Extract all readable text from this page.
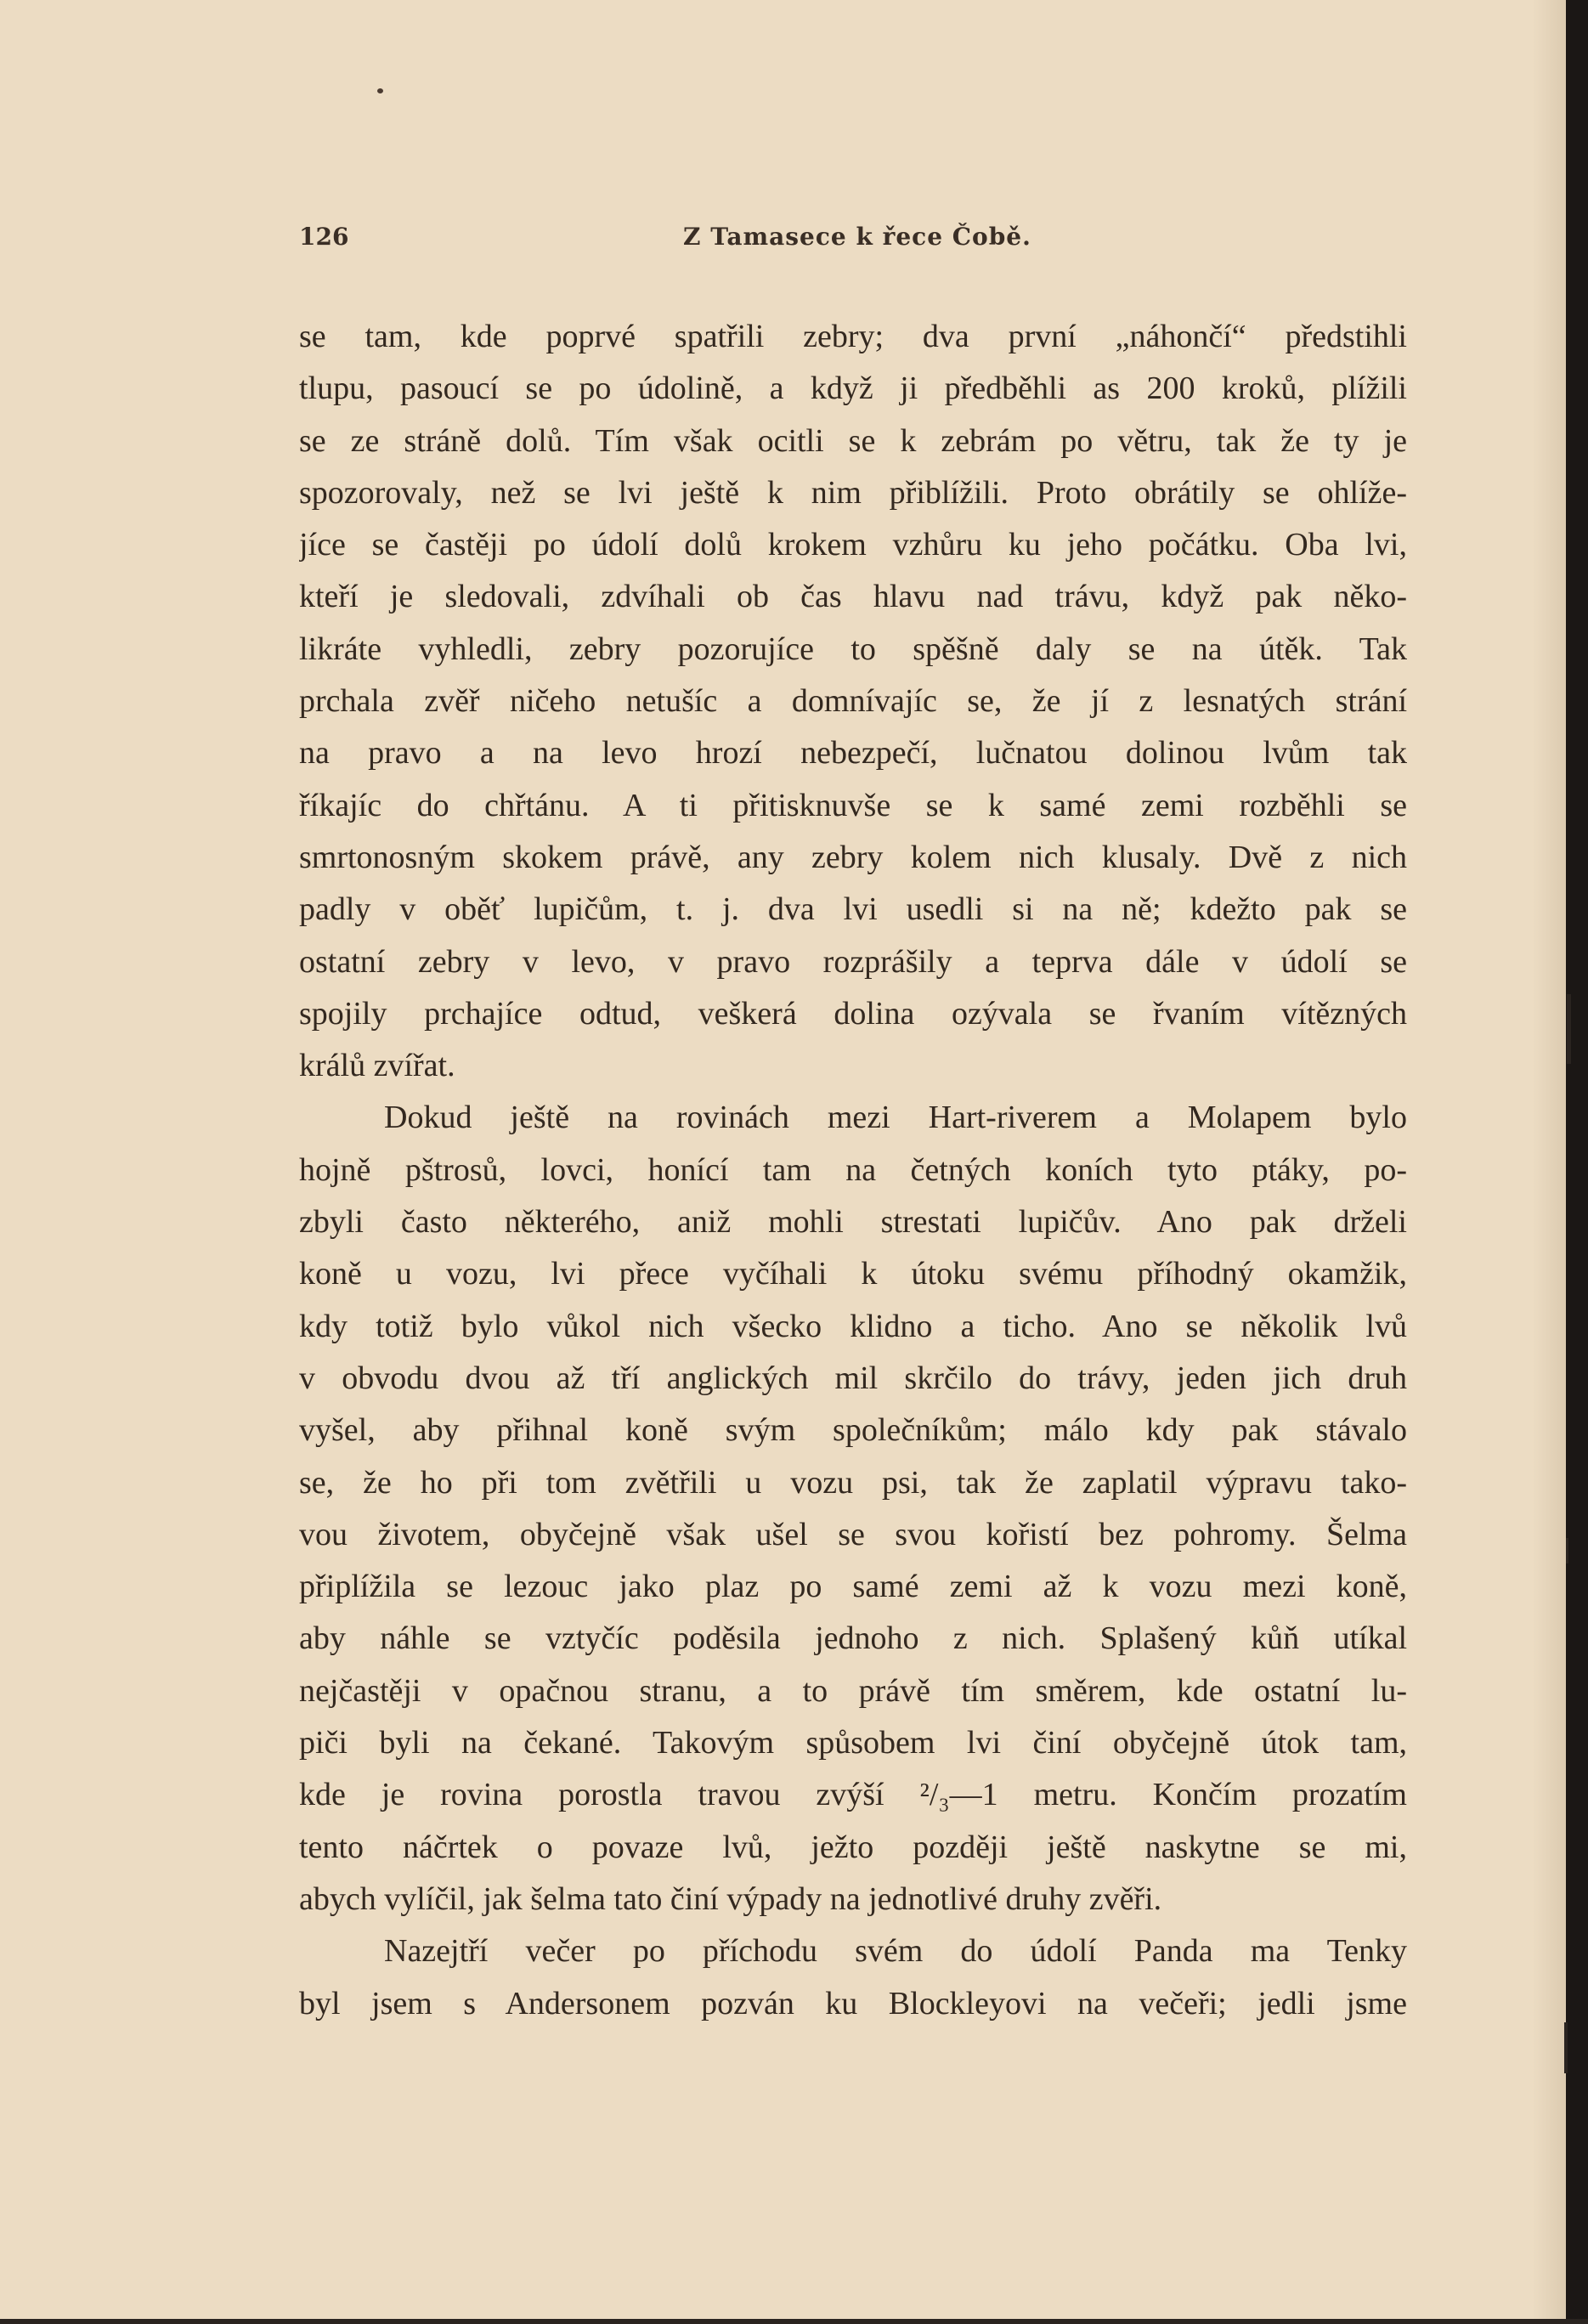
126	Z Tamasece k řece Čobě.
se tam, kde poprvé spatřili zebry; dva první „náhončí“ předstihli
tlupu, pasoucí se po údolině, a když ji předběhli as 200 kroků, plížili
se ze stráně dolů. Tím však ocitli se k zebrám po větru, tak že ty je
spozorovaly, než se lvi ještě k nim přiblížili. Proto obrátily se ohlíže-
jíce se častěji po údolí dolů krokem vzhůru ku jeho počátku. Oba lvi,
kteří je sledovali, zdvíhali ob čas hlavu nad trávu, když pak něko-
likráte vyhledli, zebry pozorujíce to spěšně daly se na útěk. Tak
prchala zvěř ničeho netušíc a domnívajíc se, že jí z lesnatých strání
na pravo a na levo hrozí nebezpečí, lučnatou dolinou lvům tak
říkajíc do chřtánu. A ti přitisknuvše se k samé zemi rozběhli se
smrtonosným skokem právě, any zebry kolem nich klusaly. Dvě z nich
padly v oběť lupičům, t. j. dva lvi usedli si na ně; kdežto pak se
ostatní zebry v levo, v pravo rozprášily a teprva dále v údolí se
spojily prchajíce odtud, veškerá dolina ozývala se řvaním vítězných
králů zvířat.
Dokud ještě na rovinách mezi Hart-riverem a Molapem bylo
hojně pštrosů, lovci, honící tam na četných koních tyto ptáky, po-
zbyli často některého, aniž mohli strestati lupičův. Ano pak drželi
koně u vozu, lvi přece vyčíhali k útoku svému příhodný okamžik,
kdy totiž bylo vůkol nich všecko klidno a ticho. Ano se několik lvů
v obvodu dvou až tří anglických mil skrčilo do trávy, jeden jich druh
vyšel, aby přihnal koně svým společníkům; málo kdy pak stávalo
se, že ho při tom zvětřili u vozu psi, tak že zaplatil výpravu tako-
vou životem, obyčejně však ušel se svou kořistí bez pohromy. Šelma
připlížila se lezouc jako plaz po samé zemi až k vozu mezi koně,
aby náhle se vztyčíc poděsila jednoho z nich. Splašený kůň utíkal
nejčastěji v opačnou stranu, a to právě tím směrem, kde ostatní lu-
piči byli na čekané. Takovým spůsobem lvi činí obyčejně útok tam,
kde je rovina porostla travou zvýší ²/₃—1 metru. Končím prozatím
tento náčrtek o povaze lvů, ježto později ještě naskytne se mi,
abych vylíčil, jak šelma tato činí výpady na jednotlivé druhy zvěři.
Nazejtří večer po příchodu svém do údolí Panda ma Tenky
byl jsem s Andersonem pozván ku Blockleyovi na večeři; jedli jsme
